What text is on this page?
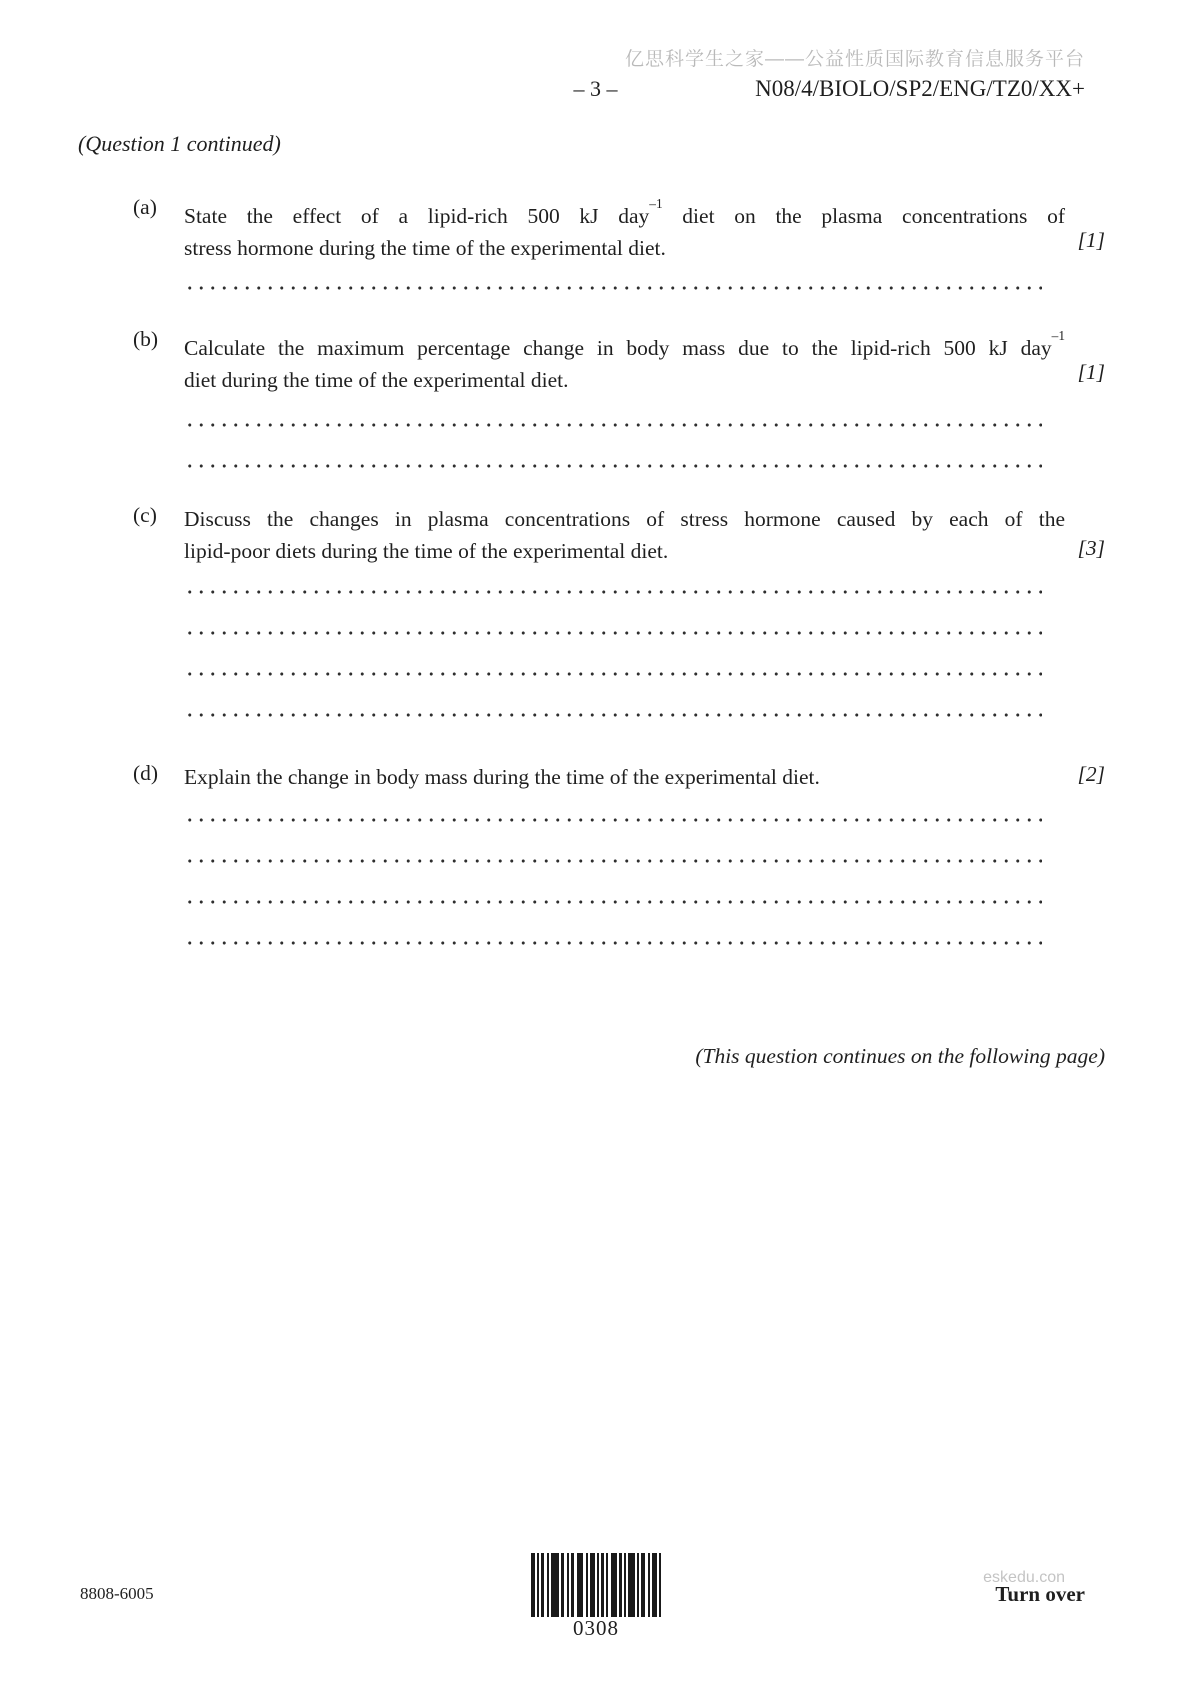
亿思科学生之家——公益性质国际教育信息服务平台
– 3 –	N08/4/BIOLO/SP2/ENG/TZ0/XX+
(Question 1 continued)
(a) State the effect of a lipid-rich 500 kJ day$^{-1}$ diet on the plasma concentrations of
stress hormone during the time of the experimental diet.	[1]
(b) Calculate the maximum percentage change in body mass due to the lipid-rich 500 kJ day$^{-1}$
diet during the time of the experimental diet.	[1]
(c) Discuss the changes in plasma concentrations of stress hormone caused by each of the
lipid-poor diets during the time of the experimental diet.	[3]
(d) Explain the change in body mass during the time of the experimental diet.	[2]
(This question continues on the following page)
8808-6005
0308
eskedu.con
Turn over
